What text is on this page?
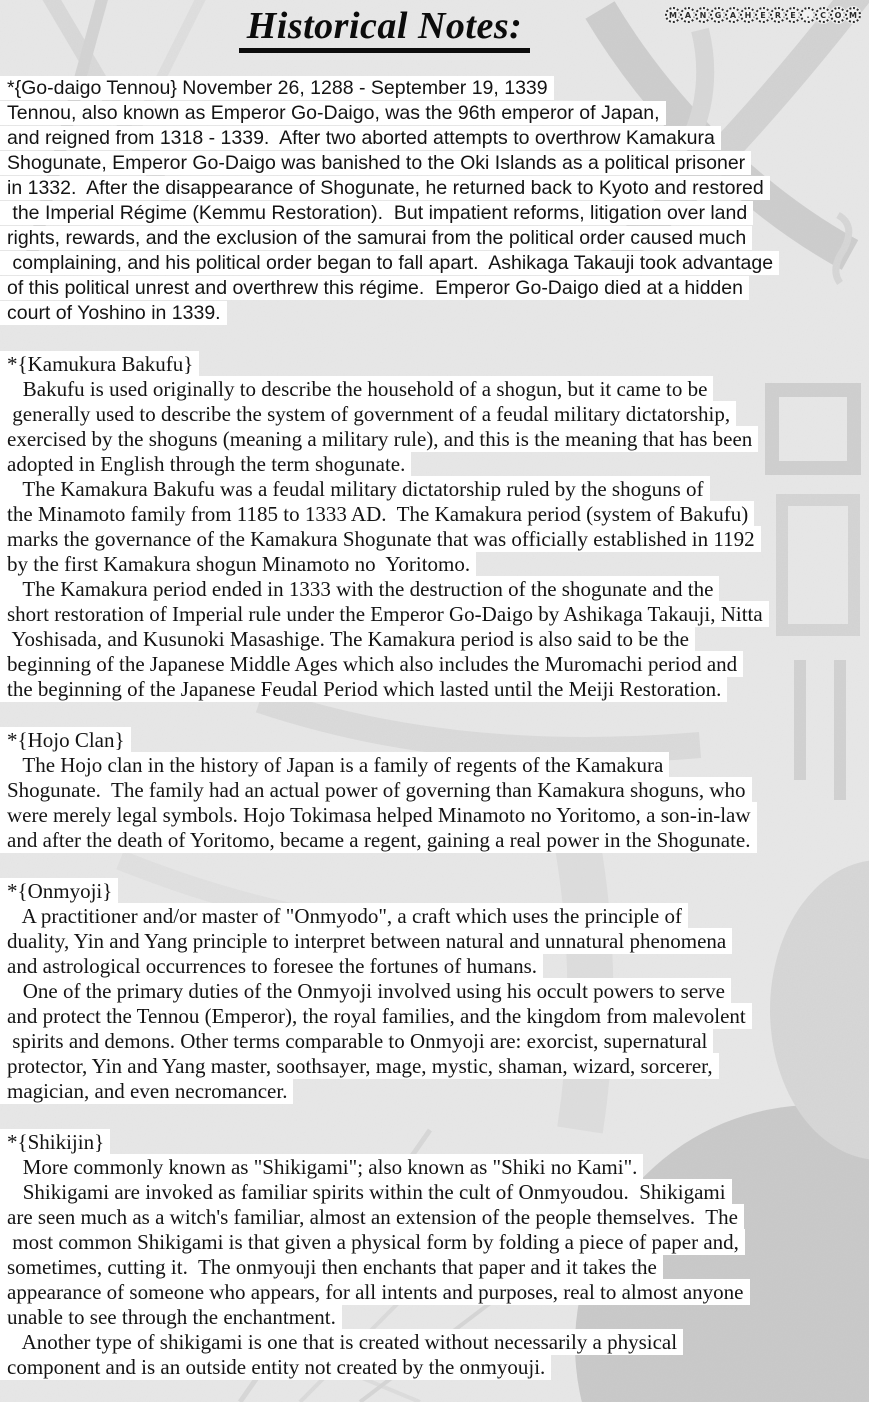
M A	N	G	A	H	E	R	E	.	C	O M
Historical Notes:
*{Go-daigo Tennou} November 26, 1288 - September 19, 1339
Tennou, also known as Emperor Go-Daigo, was the 96th emperor of Japan,
and reigned from 1318 - 1339.  After two aborted attempts to overthrow Kamakura
Shogunate, Emperor Go-Daigo was banished to the Oki Islands as a political prisoner
in 1332.  After the disappearance of Shogunate, he returned back to Kyoto and restored
the Imperial Régime (Kemmu Restoration).  But impatient reforms, litigation over land
rights, rewards, and the exclusion of the samurai from the political order caused much
complaining, and his political order began to fall apart.  Ashikaga Takauji took advantage
of this political unrest and overthrew this régime.  Emperor Go-Daigo died at a hidden
court of Yoshino in 1339.
*{Kamukura Bakufu}
Bakufu is used originally to describe the household of a shogun, but it came to be
generally used to describe the system of government of a feudal military dictatorship,
exercised by the shoguns (meaning a military rule), and this is the meaning that has been
adopted in English through the term shogunate.
The Kamakura Bakufu was a feudal military dictatorship ruled by the shoguns of
the Minamoto family from 1185 to 1333 AD.  The Kamakura period (system of Bakufu)
marks the governance of the Kamakura Shogunate that was officially established in 1192
by the first Kamakura shogun Minamoto no  Yoritomo.
The Kamakura period ended in 1333 with the destruction of the shogunate and the
short restoration of Imperial rule under the Emperor Go-Daigo by Ashikaga Takauji, Nitta
Yoshisada, and Kusunoki Masashige. The Kamakura period is also said to be the
beginning of the Japanese Middle Ages which also includes the Muromachi period and
the beginning of the Japanese Feudal Period which lasted until the Meiji Restoration.
*{Hojo Clan}
The Hojo clan in the history of Japan is a family of regents of the Kamakura
Shogunate.  The family had an actual power of governing than Kamakura shoguns, who
were merely legal symbols. Hojo Tokimasa helped Minamoto no Yoritomo, a son-in-law
and after the death of Yoritomo, became a regent, gaining a real power in the Shogunate.
*{Onmyoji}
A practitioner and/or master of "Onmyodo", a craft which uses the principle of
duality, Yin and Yang principle to interpret between natural and unnatural phenomena
and astrological occurrences to foresee the fortunes of humans.
One of the primary duties of the Onmyoji involved using his occult powers to serve
and protect the Tennou (Emperor), the royal families, and the kingdom from malevolent
spirits and demons. Other terms comparable to Onmyoji are: exorcist, supernatural
protector, Yin and Yang master, soothsayer, mage, mystic, shaman, wizard, sorcerer,
magician, and even necromancer.
*{Shikijin}
More commonly known as "Shikigami"; also known as "Shiki no Kami".
Shikigami are invoked as familiar spirits within the cult of Onmyoudou.  Shikigami
are seen much as a witch's familiar, almost an extension of the people themselves.  The
most common Shikigami is that given a physical form by folding a piece of paper and,
sometimes, cutting it.  The onmyouji then enchants that paper and it takes the
appearance of someone who appears, for all intents and purposes, real to almost anyone
unable to see through the enchantment.
Another type of shikigami is one that is created without necessarily a physical
component and is an outside entity not created by the onmyouji.
